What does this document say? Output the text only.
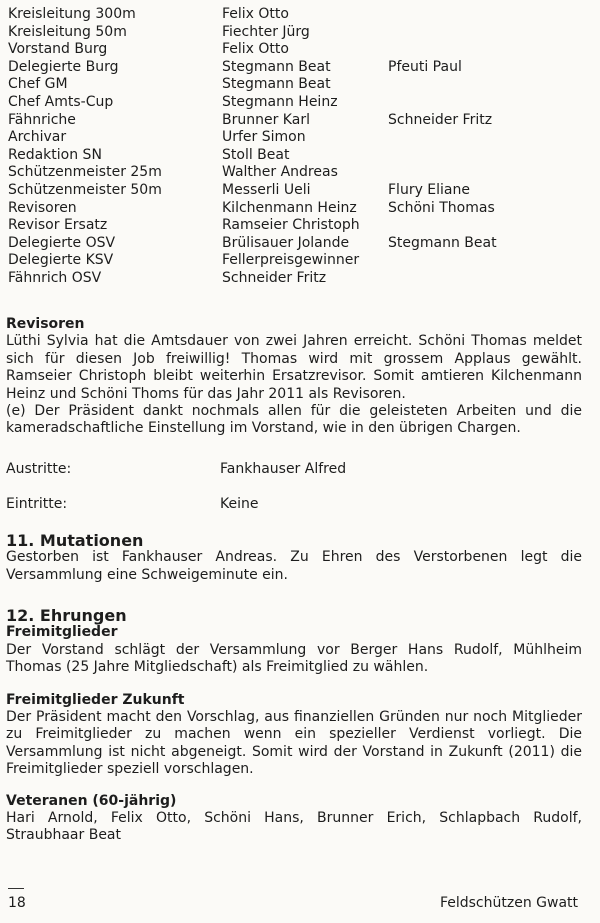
Kreisleitung 300m	Felix Otto
Kreisleitung 50m	Fiechter Jürg
Vorstand Burg	Felix Otto
Delegierte Burg	Stegmann Beat	Pfeuti Paul
Chef GM	Stegmann Beat
Chef Amts-Cup	Stegmann Heinz
Fähnriche	Brunner Karl	Schneider Fritz
Archivar	Urfer Simon
Redaktion SN	Stoll Beat
Schützenmeister 25m	Walther Andreas
Schützenmeister 50m	Messerli Ueli	Flury Eliane
Revisoren	Kilchenmann Heinz	Schöni Thomas
Revisor Ersatz	Ramseier Christoph
Delegierte OSV	Brülisauer Jolande	Stegmann Beat
Delegierte KSV	Fellerpreisgewinner
Fähnrich OSV	Schneider Fritz
Revisoren
Lüthi Sylvia hat die Amtsdauer von zwei Jahren erreicht. Schöni Thomas meldet sich für diesen Job freiwillig! Thomas wird mit grossem Applaus gewählt. Ramseier Christoph bleibt weiterhin Ersatzrevisor. Somit amtieren Kilchenmann Heinz und Schöni Thoms für das Jahr 2011 als Revisoren.
(e) Der Präsident dankt nochmals allen für die geleisteten Arbeiten und die kameradschaftliche Einstellung im Vorstand, wie in den übrigen Chargen.
Austritte:	Fankhauser Alfred
Eintritte:	Keine
11. Mutationen
Gestorben ist Fankhauser Andreas. Zu Ehren des Verstorbenen legt die Versammlung eine Schweigeminute ein.
12. Ehrungen
Freimitglieder
Der Vorstand schlägt der Versammlung vor Berger Hans Rudolf, Mühlheim Thomas (25 Jahre Mitgliedschaft) als Freimitglied zu wählen.
Freimitglieder Zukunft
Der Präsident macht den Vorschlag, aus finanziellen Gründen nur noch Mitglieder zu Freimitglieder zu machen wenn ein spezieller Verdienst vorliegt. Die Versammlung ist nicht abgeneigt. Somit wird der Vorstand in Zukunft (2011) die Freimitglieder speziell vorschlagen.
Veteranen (60-jährig)
Hari Arnold, Felix Otto, Schöni Hans, Brunner Erich, Schlapbach Rudolf, Straubhaar Beat
18	Feldschützen Gwatt
